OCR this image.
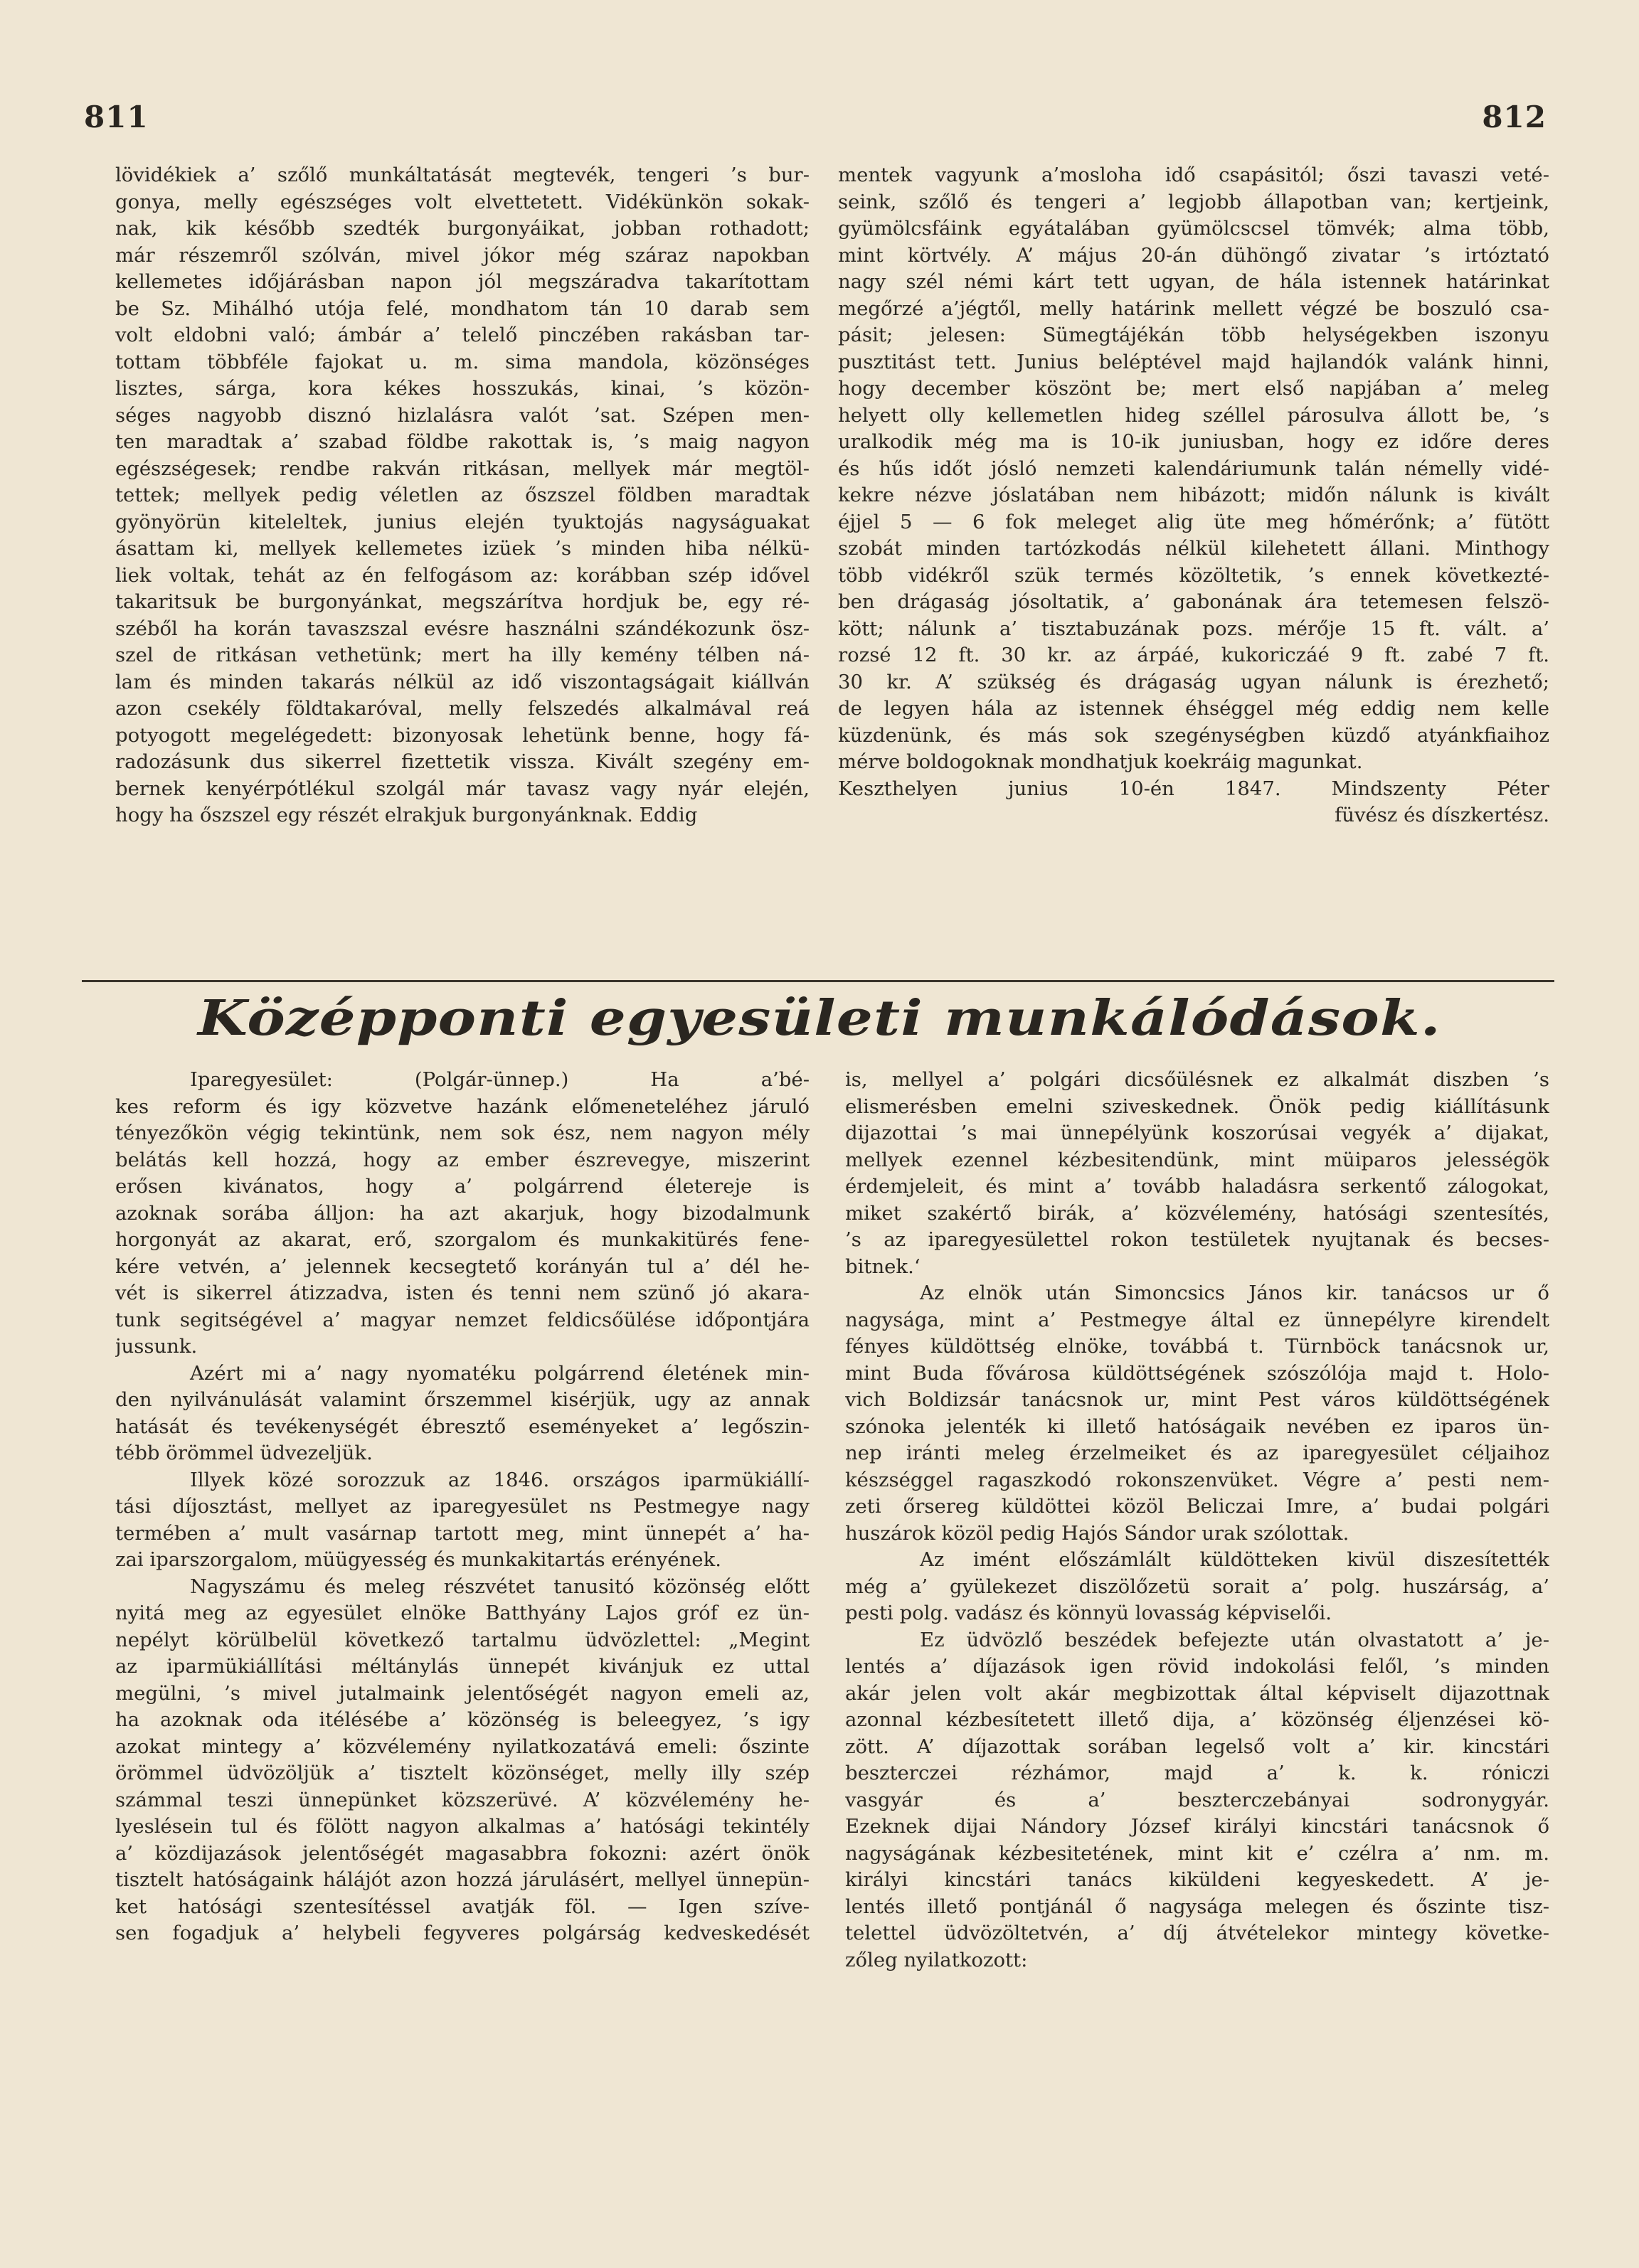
811	812

lövidékiek a’ szőlő munkáltatását megtevék, tengeri ’s bur-

gonya, melly egészséges volt elvettetett. Vidékünkön sokak-

nak, kik később szedték burgonyáikat, jobban rothadott;

már részemről szólván, mivel jókor még száraz napokban

kellemetes időjárásban napon jól megszáradva takarítottam

be Sz. Mihálhó utója felé, mondhatom tán 10 darab sem

volt eldobni való; ámbár a’ telelő pinczében rakásban tar-

tottam többféle fajokat u. m. sima mandola, közönséges

lisztes, sárga, kora kékes hosszukás, kinai, ’s közön-

séges nagyobb disznó hizlalásra valót ’sat. Szépen men-

ten maradtak a’ szabad földbe rakottak is, ’s maig nagyon

egészségesek; rendbe rakván ritkásan, mellyek már megtöl-

tettek; mellyek pedig véletlen az őszszel földben maradtak

gyönyörün kiteleltek, junius elején tyuktojás nagyságuakat

ásattam ki, mellyek kellemetes izüek ’s minden hiba nélkü-

liek voltak, tehát az én felfogásom az: korábban szép idővel

takaritsuk be burgonyánkat, megszárítva hordjuk be, egy ré-

széből ha korán tavaszszal evésre használni szándékozunk ösz-

szel de ritkásan vethetünk; mert ha illy kemény télben ná-

lam és minden takarás nélkül az idő viszontagságait kiállván

azon csekély földtakaróval, melly felszedés alkalmával reá

potyogott megelégedett: bizonyosak lehetünk benne, hogy fá-

radozásunk dus sikerrel fizettetik vissza. Kivált szegény em-

bernek kenyérpótlékul szolgál már tavasz vagy nyár elején,

hogy ha őszszel egy részét elrakjuk burgonyánknak. Eddig

mentek vagyunk a’mosloha idő csapásitól; őszi tavaszi veté-

seink, szőlő és tengeri a’ legjobb állapotban van; kertjeink,

gyümölcsfáink egyátalában gyümölcscsel tömvék; alma több,

mint körtvély. A’ május 20-án dühöngő zivatar ’s irtóztató

nagy szél némi kárt tett ugyan, de hála istennek határinkat

megőrzé a’jégtől, melly határink mellett végzé be boszuló csa-

pásit; jelesen: Sümegtájékán több helységekben iszonyu

pusztitást tett. Junius beléptével majd hajlandók valánk hinni,

hogy december köszönt be; mert első napjában a’ meleg

helyett olly kellemetlen hideg széllel párosulva állott be, ’s

uralkodik még ma is 10-ik juniusban, hogy ez időre deres

és hűs időt jósló nemzeti kalendáriumunk talán némelly vidé-

kekre nézve jóslatában nem hibázott; midőn nálunk is kivált

éjjel 5 — 6 fok meleget alig üte meg hőmérőnk; a’ fütött

szobát minden tartózkodás nélkül kilehetett állani. Minthogy

több vidékről szük termés közöltetik, ’s ennek következté-

ben drágaság jósoltatik, a’ gabonának ára tetemesen felszö-

kött; nálunk a’ tisztabuzának pozs. mérője 15 ft. vált. a’

rozsé 12 ft. 30 kr. az árpáé, kukoriczáé 9 ft. zabé 7 ft.

30 kr. A’ szükség és drágaság ugyan nálunk is érezhető;

de legyen hála az istennek éhséggel még eddig nem kelle

küzdenünk, és más sok szegénységben küzdő atyánkfiaihoz

mérve boldogoknak mondhatjuk koekráig magunkat.

Keszthelyen junius 10-én 1847. Mindszenty Péter

füvész és díszkertész.

Középponti egyesületi munkálódások.

Iparegyesület: (Polgár-ünnep.) Ha a’bé-

kes reform és igy közvetve hazánk előmeneteléhez járuló

tényezőkön végig tekintünk, nem sok ész, nem nagyon mély

belátás kell hozzá, hogy az ember észrevegye, miszerint

erősen kivánatos, hogy a’ polgárrend életereje is

azoknak sorába álljon: ha azt akarjuk, hogy bizodalmunk

horgonyát az akarat, erő, szorgalom és munkakitürés fene-

kére vetvén, a’ jelennek kecsegtető korányán tul a’ dél he-

vét is sikerrel átizzadva, isten és tenni nem szünő jó akara-

tunk segitségével a’ magyar nemzet feldicsőülése időpontjára

jussunk.

Azért mi a’ nagy nyomatéku polgárrend életének min-

den nyilvánulását valamint őrszemmel kisérjük, ugy az annak

hatását és tevékenységét ébresztő eseményeket a’ legőszin-

tébb örömmel üdvezeljük.

Illyek közé sorozzuk az 1846. országos iparmükiállí-

tási díjosztást, mellyet az iparegyesület ns Pestmegye nagy

termében a’ mult vasárnap tartott meg, mint ünnepét a’ ha-

zai iparszorgalom, müügyesség és munkakitartás erényének.

Nagyszámu és meleg részvétet tanusitó közönség előtt

nyitá meg az egyesület elnöke Batthyány Lajos gróf ez ün-

nepélyt körülbelül következő tartalmu üdvözlettel: „Megint

az iparmükiállítási méltánylás ünnepét kivánjuk ez uttal

megülni, ’s mivel jutalmaink jelentőségét nagyon emeli az,

ha azoknak oda itélésébe a’ közönség is beleegyez, ’s igy

azokat mintegy a’ közvélemény nyilatkozatává emeli: őszinte

örömmel üdvözöljük a’ tisztelt közönséget, melly illy szép

számmal teszi ünnepünket közszerüvé. A’ közvélemény he-

lyeslésein tul és fölött nagyon alkalmas a’ hatósági tekintély

a’ közdijazások jelentőségét magasabbra fokozni: azért önök

tisztelt hatóságaink hálájót azon hozzá járulásért, mellyel ünnepün-

ket hatósági szentesítéssel avatják föl. — Igen szíve-

sen fogadjuk a’ helybeli fegyveres polgárság kedveskedését

is, mellyel a’ polgári dicsőülésnek ez alkalmát diszben ’s

elismerésben emelni sziveskednek. Önök pedig kiállításunk

dijazottai ’s mai ünnepélyünk koszorúsai vegyék a’ dijakat,

mellyek ezennel kézbesitendünk, mint müiparos jelességök

érdemjeleit, és mint a’ tovább haladásra serkentő zálogokat,

miket szakértő birák, a’ közvélemény, hatósági szentesítés,

’s az iparegyesülettel rokon testületek nyujtanak és becses-

bitnek.‘

Az elnök után Simoncsics János kir. tanácsos ur ő

nagysága, mint a’ Pestmegye által ez ünnepélyre kirendelt

fényes küldöttség elnöke, továbbá t. Türnböck tanácsnok ur,

mint Buda fővárosa küldöttségének szószólója majd t. Holo-

vich Boldizsár tanácsnok ur, mint Pest város küldöttségének

szónoka jelenték ki illető hatóságaik nevében ez iparos ün-

nep iránti meleg érzelmeiket és az iparegyesület céljaihoz

készséggel ragaszkodó rokonszenvüket. Végre a’ pesti nem-

zeti őrsereg küldöttei közöl Beliczai Imre, a’ budai polgári

huszárok közöl pedig Hajós Sándor urak szólottak.

Az imént előszámlált küldötteken kivül diszesítették

még a’ gyülekezet diszölőzetü sorait a’ polg. huszárság, a’

pesti polg. vadász és könnyü lovasság képviselői.

Ez üdvözlő beszédek befejezte után olvastatott a’ je-

lentés a’ díjazások igen rövid indokolási felől, ’s minden

akár jelen volt akár megbizottak által képviselt dijazottnak

azonnal kézbesítetett illető dija, a’ közönség éljenzései kö-

zött. A’ díjazottak sorában legelső volt a’ kir. kincstári

beszterczei rézhámor, majd a’ k. k. róniczi

vasgyár és a’ beszterczebányai sodronygyár.

Ezeknek dijai Nándory József királyi kincstári tanácsnok ő

nagyságának kézbesitetének, mint kit e’ czélra a’ nm. m.

királyi kincstári tanács kiküldeni kegyeskedett. A’ je-

lentés illető pontjánál ő nagysága melegen és őszinte tisz-

telettel üdvözöltetvén, a’ díj átvételekor mintegy követke-

zőleg nyilatkozott:
